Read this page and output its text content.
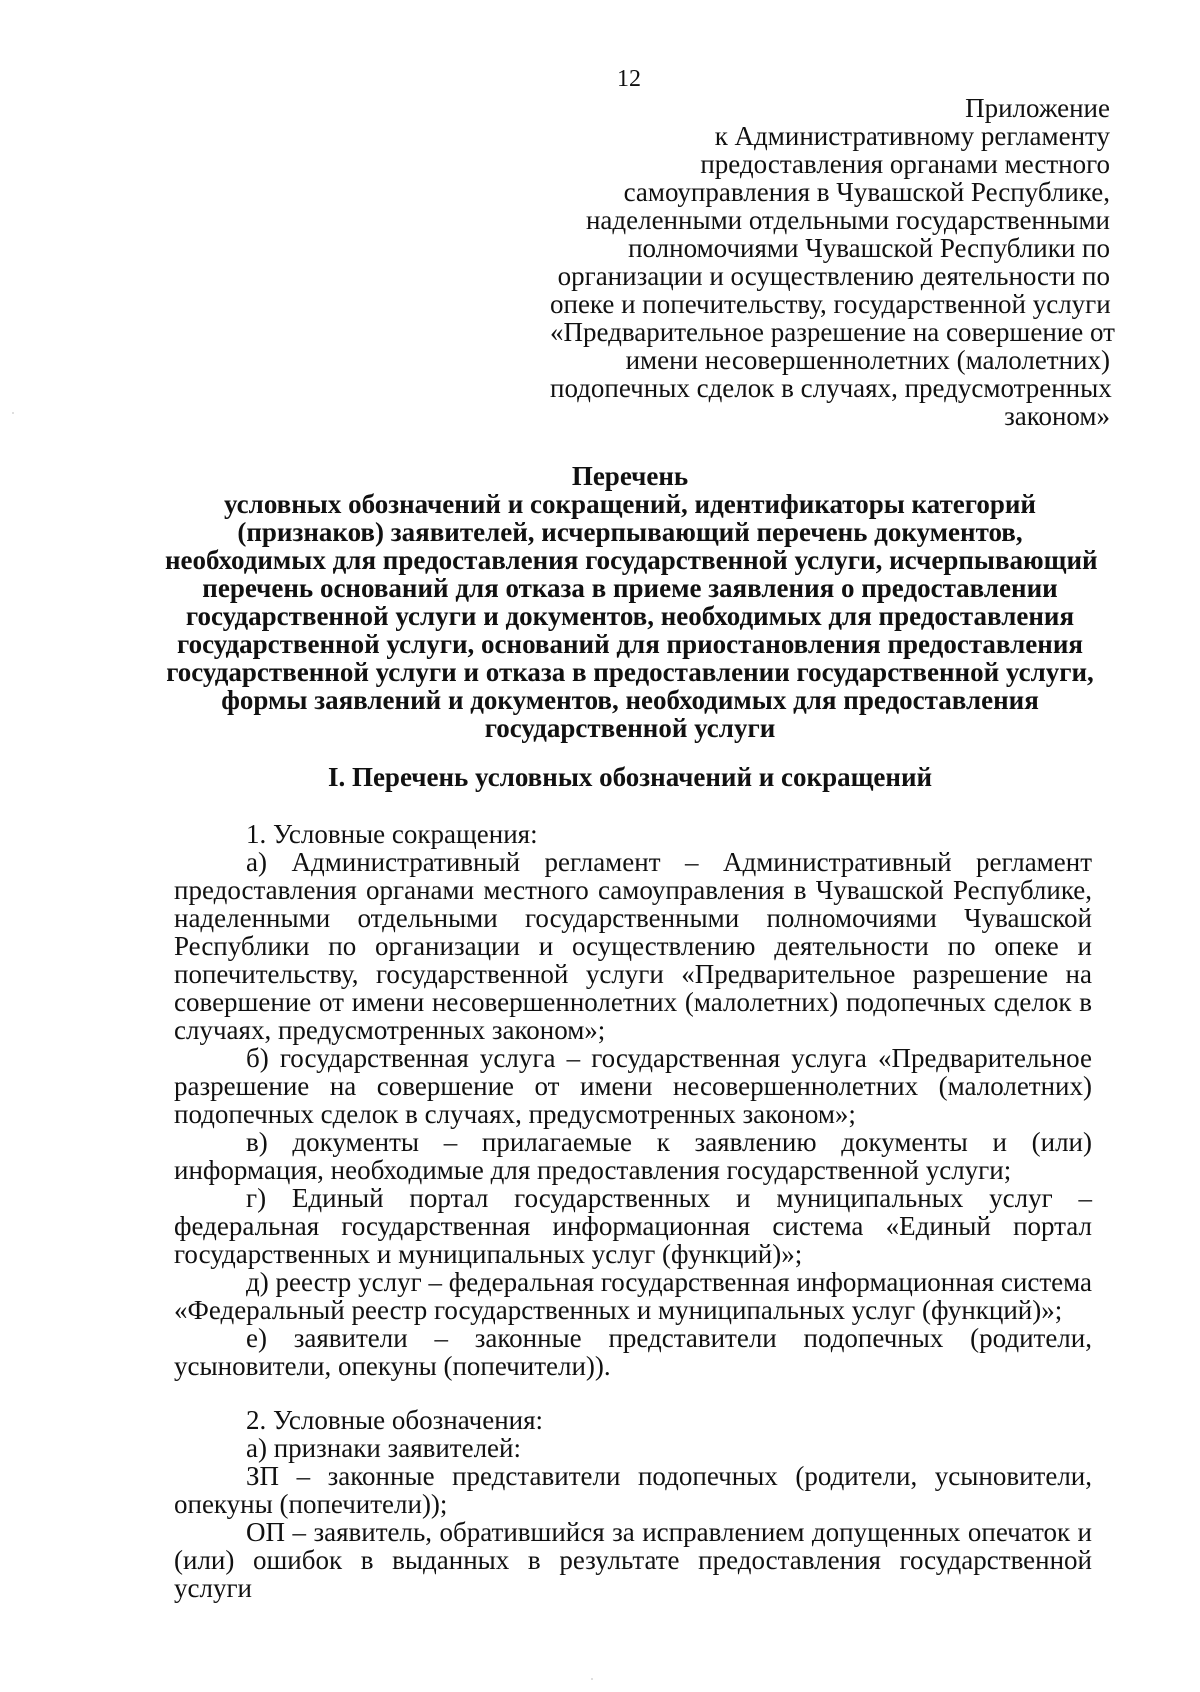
12
Приложение
к Административному регламенту
предоставления органами местного
самоуправления в Чувашской Республике,
наделенными отдельными государственными
полномочиями Чувашской Республики по
организации и осуществлению деятельности по
опеке и попечительству, государственной услуги
«Предварительное разрешение на совершение от
имени несовершеннолетних (малолетних)
подопечных сделок в случаях, предусмотренных
законом»
Перечень
условных обозначений и сокращений, идентификаторы категорий
(признаков) заявителей, исчерпывающий перечень документов,
необходимых для предоставления государственной услуги, исчерпывающий
перечень оснований для отказа в приеме заявления о предоставлении
государственной услуги и документов, необходимых для предоставления
государственной услуги, оснований для приостановления предоставления
государственной услуги и отказа в предоставлении государственной услуги,
формы заявлений и документов, необходимых для предоставления
государственной услуги
I. Перечень условных обозначений и сокращений

1. Условные сокращения:

а) Административный регламент – Административный регламент предоставления органами местного самоуправления в Чувашской Республике, наделенными отдельными государственными полномочиями Чувашской Республики по организации и осуществлению деятельности по опеке и попечительству, государственной услуги «Предварительное разрешение на совершение от имени несовершеннолетних (малолетних) подопечных сделок в случаях, предусмотренных законом»;

б) государственная услуга – государственная услуга «Предварительное разрешение на совершение от имени несовершеннолетних (малолетних) подопечных сделок в случаях, предусмотренных законом»;

в) документы – прилагаемые к заявлению документы и (или) информация, необходимые для предоставления государственной услуги;

г) Единый портал государственных и муниципальных услуг – федеральная государственная информационная система «Единый портал государственных и муниципальных услуг (функций)»;

д) реестр услуг – федеральная государственная информационная система «Федеральный реестр государственных и муниципальных услуг (функций)»;

е) заявители – законные представители подопечных (родители, усыновители, опекуны (попечители)).

2. Условные обозначения:

а) признаки заявителей:

ЗП – законные представители подопечных (родители, усыновители, опекуны (попечители));

ОП – заявитель, обратившийся за исправлением допущенных опечаток и (или) ошибок в выданных в результате предоставления государственной услуги
